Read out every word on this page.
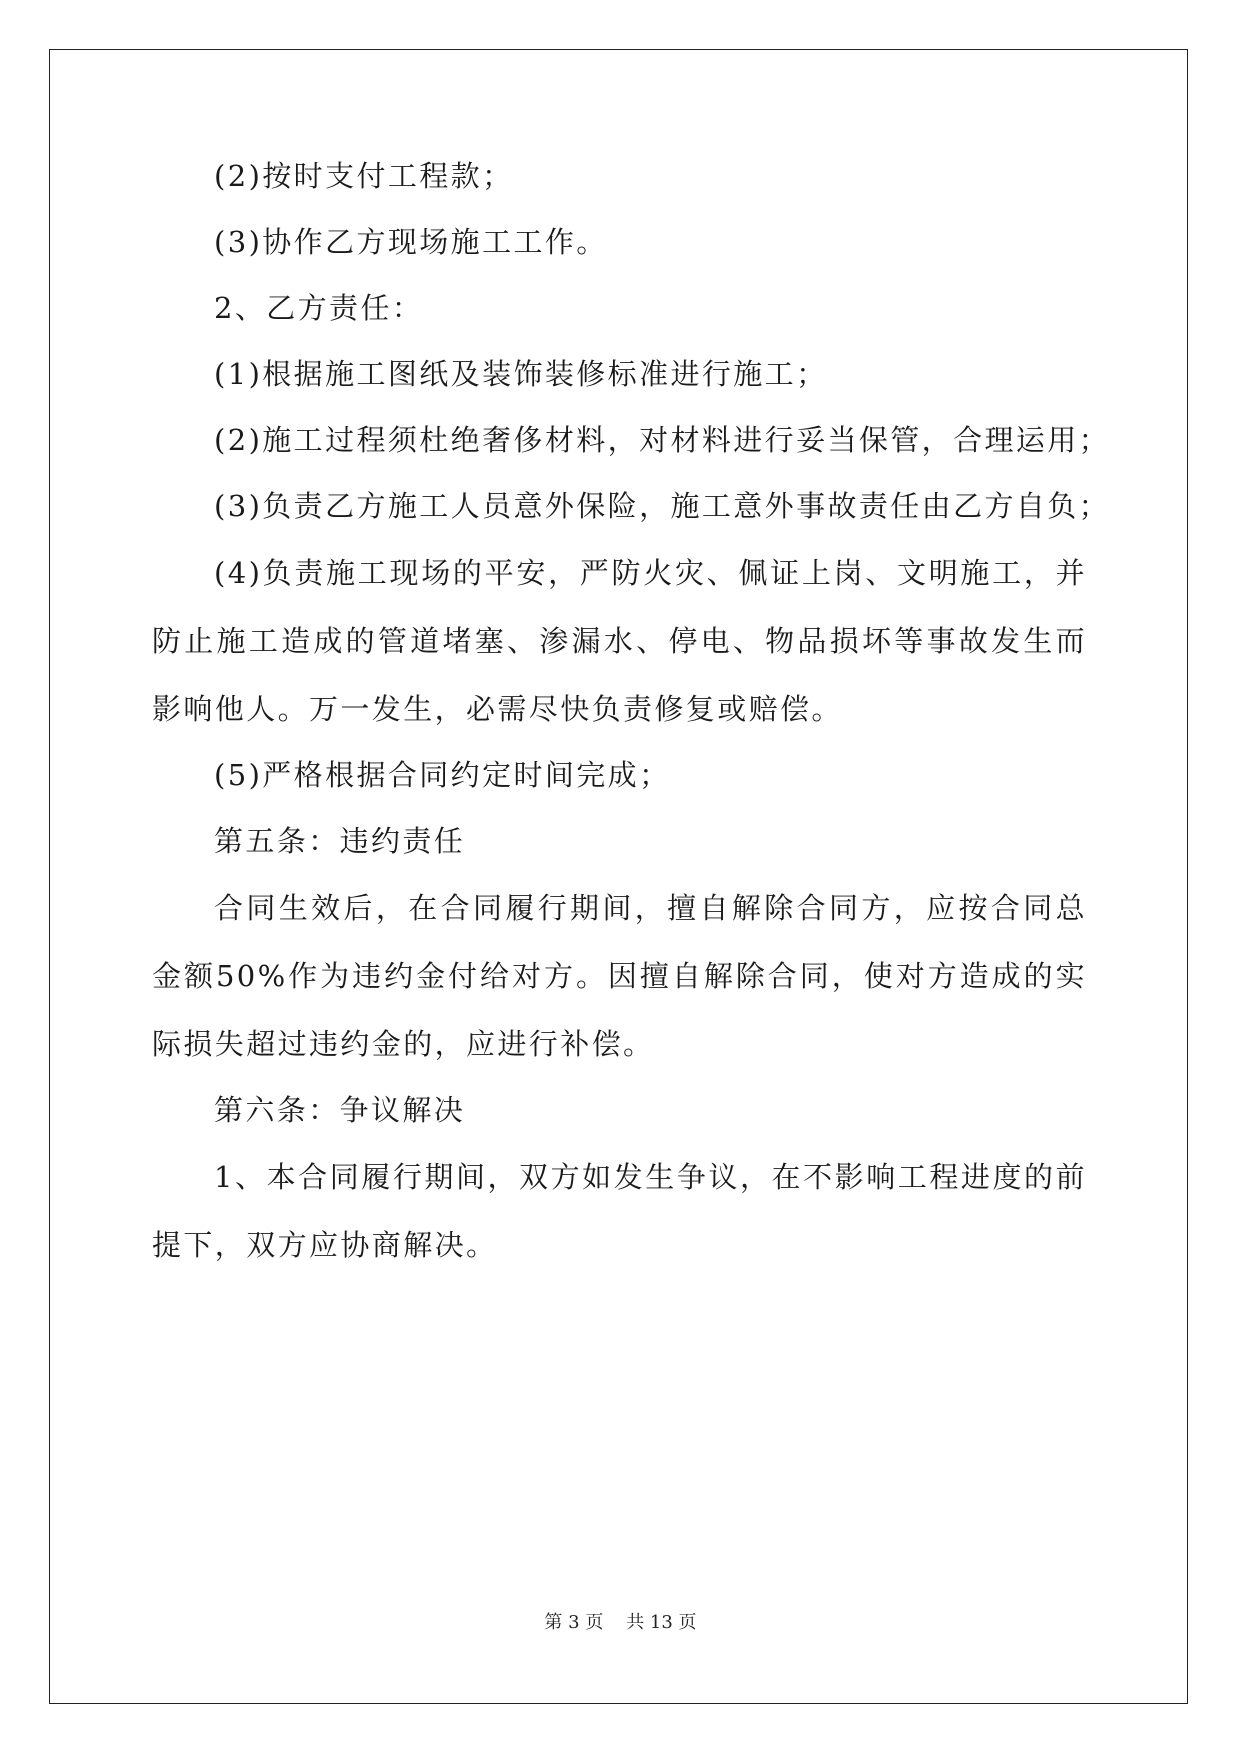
(2)按时支付工程款；

(3)协作乙方现场施工工作。

2、乙方责任：

(1)根据施工图纸及装饰装修标准进行施工；

(2)施工过程须杜绝奢侈材料，对材料进行妥当保管，合理运用；

(3)负责乙方施工人员意外保险，施工意外事故责任由乙方自负；

(4)负责施工现场的平安，严防火灾、佩证上岗、文明施工，并防止施工造成的管道堵塞、渗漏水、停电、物品损坏等事故发生而影响他人。万一发生，必需尽快负责修复或赔偿。

(5)严格根据合同约定时间完成；

第五条：违约责任

合同生效后，在合同履行期间，擅自解除合同方，应按合同总金额50%作为违约金付给对方。因擅自解除合同，使对方造成的实际损失超过违约金的，应进行补偿。

第六条：争议解决

1、本合同履行期间，双方如发生争议，在不影响工程进度的前提下，双方应协商解决。

第 3 页    共 13 页
